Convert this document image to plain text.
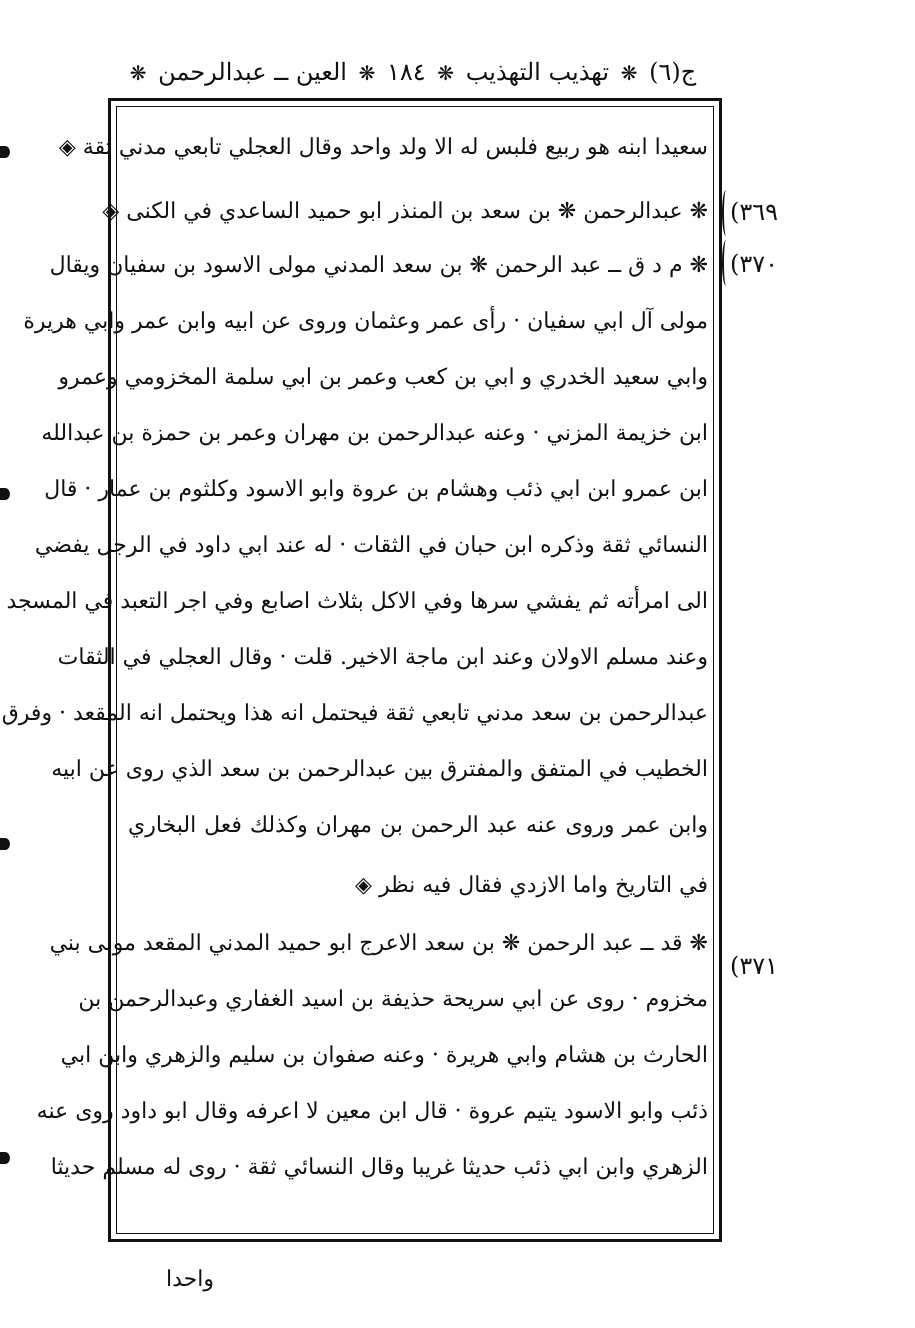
ج(٦) ❋ تهذيب التهذيب ❋ ١٨٤ ❋ العين ــ عبدالرحمن ❋
سعيدا ابنه هو ربيع فلبس له الا ولد واحد وقال العجلي تابعي مدني ثقة ◈
❋ عبدالرحمن ❋ بن سعد بن المنذر ابو حميد الساعدي في الكنى ◈
❋ م د ق ــ عبد الرحمن ❋ بن سعد المدني مولى الاسود بن سفيان ويقال
مولى آل ابي سفيان · رأى عمر وعثمان وروى عن ابيه وابن عمر وابي هريرة
وابي سعيد الخدري و ابي بن كعب وعمر بن ابي سلمة المخزومي وعمرو
ابن خزيمة المزني · وعنه عبدالرحمن بن مهران وعمر بن حمزة بن عبدالله
ابن عمرو ابن ابي ذئب وهشام بن عروة وابو الاسود وكلثوم بن عمار · قال
النسائي ثقة وذكره ابن حبان في الثقات · له عند ابي داود في الرجل يفضي
الى امرأته ثم يفشي سرها وفي الاكل بثلاث اصابع وفي اجر التعبد في المسجد
وعند مسلم الاولان وعند ابن ماجة الاخير. قلت · وقال العجلي في الثقات
عبدالرحمن بن سعد مدني تابعي ثقة فيحتمل انه هذا ويحتمل انه المقعد · وفرق
الخطيب في المتفق والمفترق بين عبدالرحمن بن سعد الذي روى عن ابيه
وابن عمر وروى عنه عبد الرحمن بن مهران وكذلك فعل البخاري
في التاريخ واما الازدي فقال فيه نظر ◈
❋ قد ــ عبد الرحمن ❋ بن سعد الاعرج ابو حميد المدني المقعد مولى بني
مخزوم · روى عن ابي سريحة حذيفة بن اسيد الغفاري وعبدالرحمن بن
الحارث بن هشام وابي هريرة · وعنه صفوان بن سليم والزهري وابن ابي
ذئب وابو الاسود يتيم عروة · قال ابن معين لا اعرفه وقال ابو داود روى عنه
الزهري وابن ابي ذئب حديثا غريبا وقال النسائي ثقة · روى له مسلم حديثا
(٣٦٩
(٣٧٠
(٣٧١
واحدا
